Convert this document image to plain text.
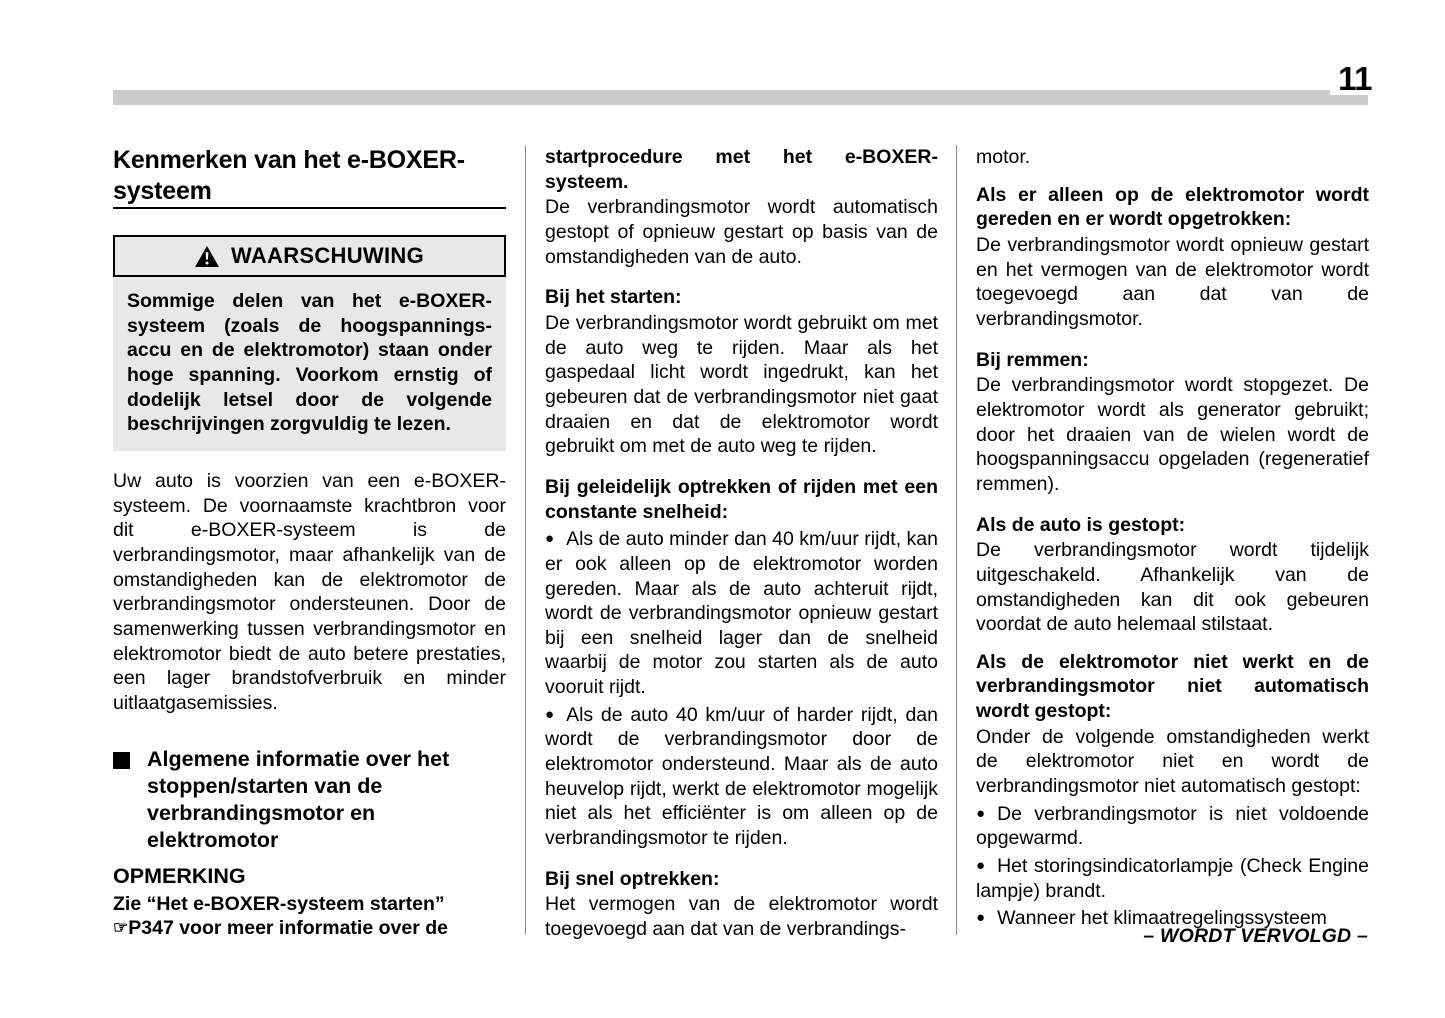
11
Kenmerken van het e-BOXER-systeem
WAARSCHUWING
Sommige delen van het e-BOXER-systeem (zoals de hoogspannings-accu en de elektromotor) staan onder hoge spanning. Voorkom ernstig of dodelijk letsel door de volgende beschrijvingen zorgvuldig te lezen.

Uw auto is voorzien van een e-BOXER-systeem. De voornaamste krachtbron voor dit e-BOXER-systeem is de verbrandingsmotor, maar afhankelijk van de omstandigheden kan de elektromotor de verbrandingsmotor ondersteunen. Door de samenwerking tussen verbrandingsmotor en elektromotor biedt de auto betere prestaties, een lager brandstofverbruik en minder uitlaatgasemissies.

Algemene informatie over het stoppen/starten van de verbrandingsmotor en elektromotor
OPMERKING

Zie “Het e-BOXER-systeem starten”
☞P347 voor meer informatie over de

startprocedure met het e-BOXER-systeem.

De verbrandingsmotor wordt automatisch gestopt of opnieuw gestart op basis van de omstandigheden van de auto.

Bij het starten:

De verbrandingsmotor wordt gebruikt om met de auto weg te rijden. Maar als het gaspedaal licht wordt ingedrukt, kan het gebeuren dat de verbrandingsmotor niet gaat draaien en dat de elektromotor wordt gebruikt om met de auto weg te rijden.

Bij geleidelijk optrekken of rijden met een constante snelheid:

● Als de auto minder dan 40 km/uur rijdt, kan er ook alleen op de elektromotor worden gereden. Maar als de auto achteruit rijdt, wordt de verbrandingsmotor opnieuw gestart bij een snelheid lager dan de snelheid waarbij de motor zou starten als de auto vooruit rijdt.

● Als de auto 40 km/uur of harder rijdt, dan wordt de verbrandingsmotor door de elektromotor ondersteund. Maar als de auto heuvelop rijdt, werkt de elektromotor mogelijk niet als het efficiënter is om alleen op de verbrandingsmotor te rijden.

Bij snel optrekken:

Het vermogen van de elektromotor wordt toegevoegd aan dat van de verbrandings-

motor.

Als er alleen op de elektromotor wordt gereden en er wordt opgetrokken:

De verbrandingsmotor wordt opnieuw gestart en het vermogen van de elektromotor wordt toegevoegd aan dat van de verbrandingsmotor.

Bij remmen:

De verbrandingsmotor wordt stopgezet. De elektromotor wordt als generator gebruikt; door het draaien van de wielen wordt de hoogspanningsaccu opgeladen (regeneratief remmen).

Als de auto is gestopt:

De verbrandingsmotor wordt tijdelijk uitgeschakeld. Afhankelijk van de omstandigheden kan dit ook gebeuren voordat de auto helemaal stilstaat.

Als de elektromotor niet werkt en de verbrandingsmotor niet automatisch wordt gestopt:

Onder de volgende omstandigheden werkt de elektromotor niet en wordt de verbrandingsmotor niet automatisch gestopt:

● De verbrandingsmotor is niet voldoende opgewarmd.

● Het storingsindicatorlampje (Check Engine lampje) brandt.

● Wanneer het klimaatregelingssysteem

– WORDT VERVOLGD –
